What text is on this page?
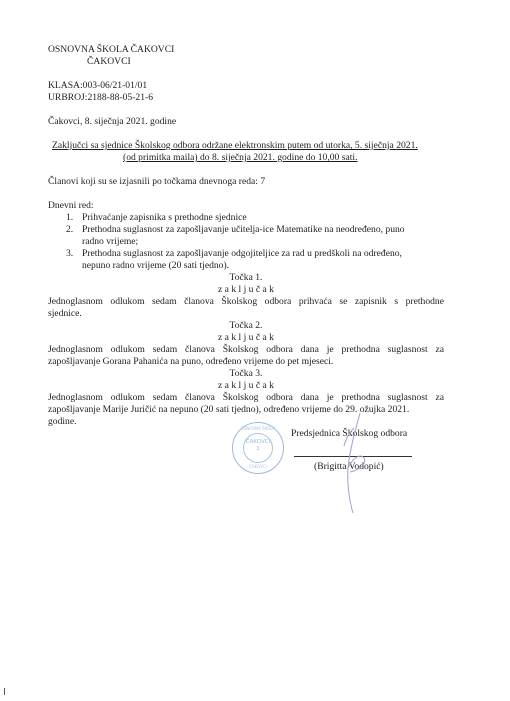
OSNOVNA ŠKOLA ČAKOVCI
ČAKOVCI
KLASA:003-06/21-01/01
URBROJ:2188-88-05-21-6
Čakovci, 8. siječnja 2021. godine
Zaključci sa sjednice Školskog odbora održane elektronskim putem od utorka, 5. siječnja 2021.
(od primitka maila) do 8. siječnja 2021. godine do 10,00 sati.
Članovi koji su se izjasnili po točkama dnevnoga reda: 7
Dnevni red:
1. Prihvaćanje zapisnika s prethodne sjednice
2. Prethodna suglasnost za zapošljavanje učitelja-ice Matematike na neodređeno, puno
radno vrijeme;
3. Prethodna suglasnost za zapošljavanje odgojiteljice za rad u predškoli na određeno,
nepuno radno vrijeme (20 sati tjedno).
Točka 1.
z a k l j u č a k
Jednoglasnom odlukom sedam članova Školskog odbora prihvaća se zapisnik s prethodne
sjednice.
Točka 2.
z a k l j u č a k
Jednoglasnom odlukom sedam članova Školskog odbora dana je prethodna suglasnost za
zapošljavanje Gorana Pahanića na puno, određeno vrijeme do pet mjeseci.
Točka 3.
z a k l j u č a k
Jednoglasnom odlukom sedam članova Školskog odbora dana je prethodna suglasnost za
zapošljavanje Marije Juričić na nepuno (20 sati tjedno), određeno vrijeme do 29. ožujka 2021.
godine.
OSNOVNA ŠKOLA
ČAKOVCI
1
ČAKOVCI
Predsjednica Školskog odbora
(Brigitta Vodopić)
